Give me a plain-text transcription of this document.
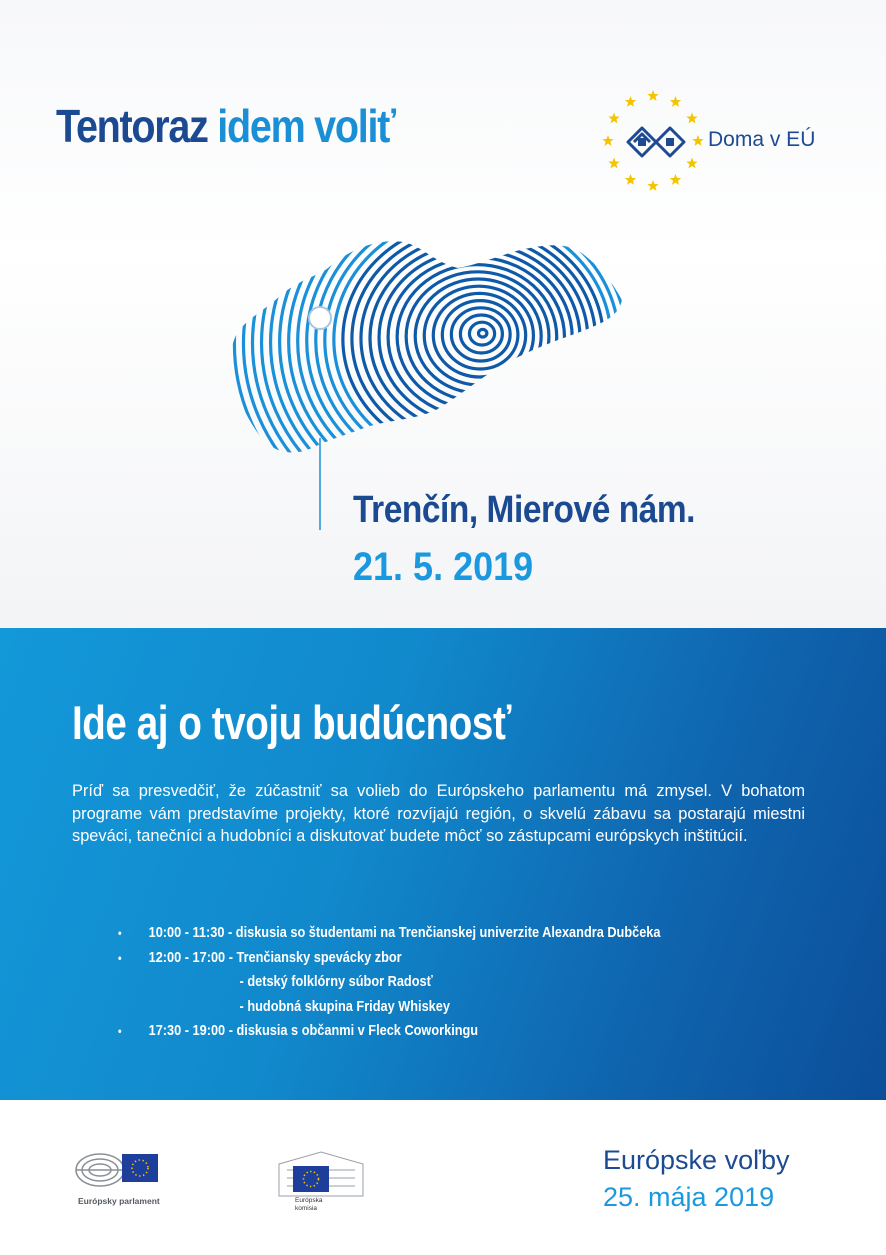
Tentoraz idem voliť	Doma v EÚ
Trenčín, Mierové nám.
21. 5. 2019
Ide aj o tvoju budúcnosť

Príď sa presvedčiť, že zúčastniť sa volieb do Európskeho parlamentu má zmysel. V bohatom programe vám predstavíme projekty, ktoré rozvíjajú región, o skvelú zábavu sa postarajú miestni speváci, tanečníci a hudobníci a diskutovať budete môcť so zástupcami európskych inštitúcií.

•	10:00 - 11:30 - diskusia so študentami na Trenčianskej univerzite Alexandra Dubčeka
•	12:00 - 17:00 - Trenčiansky spevácky zbor
- detský folklórny súbor Radosť
- hudobná skupina Friday Whiskey
•	17:30 - 19:00 - diskusia s občanmi v Fleck Coworkingu
Európsky parlament	Európska
komisia

Európske voľby

25. mája 2019
